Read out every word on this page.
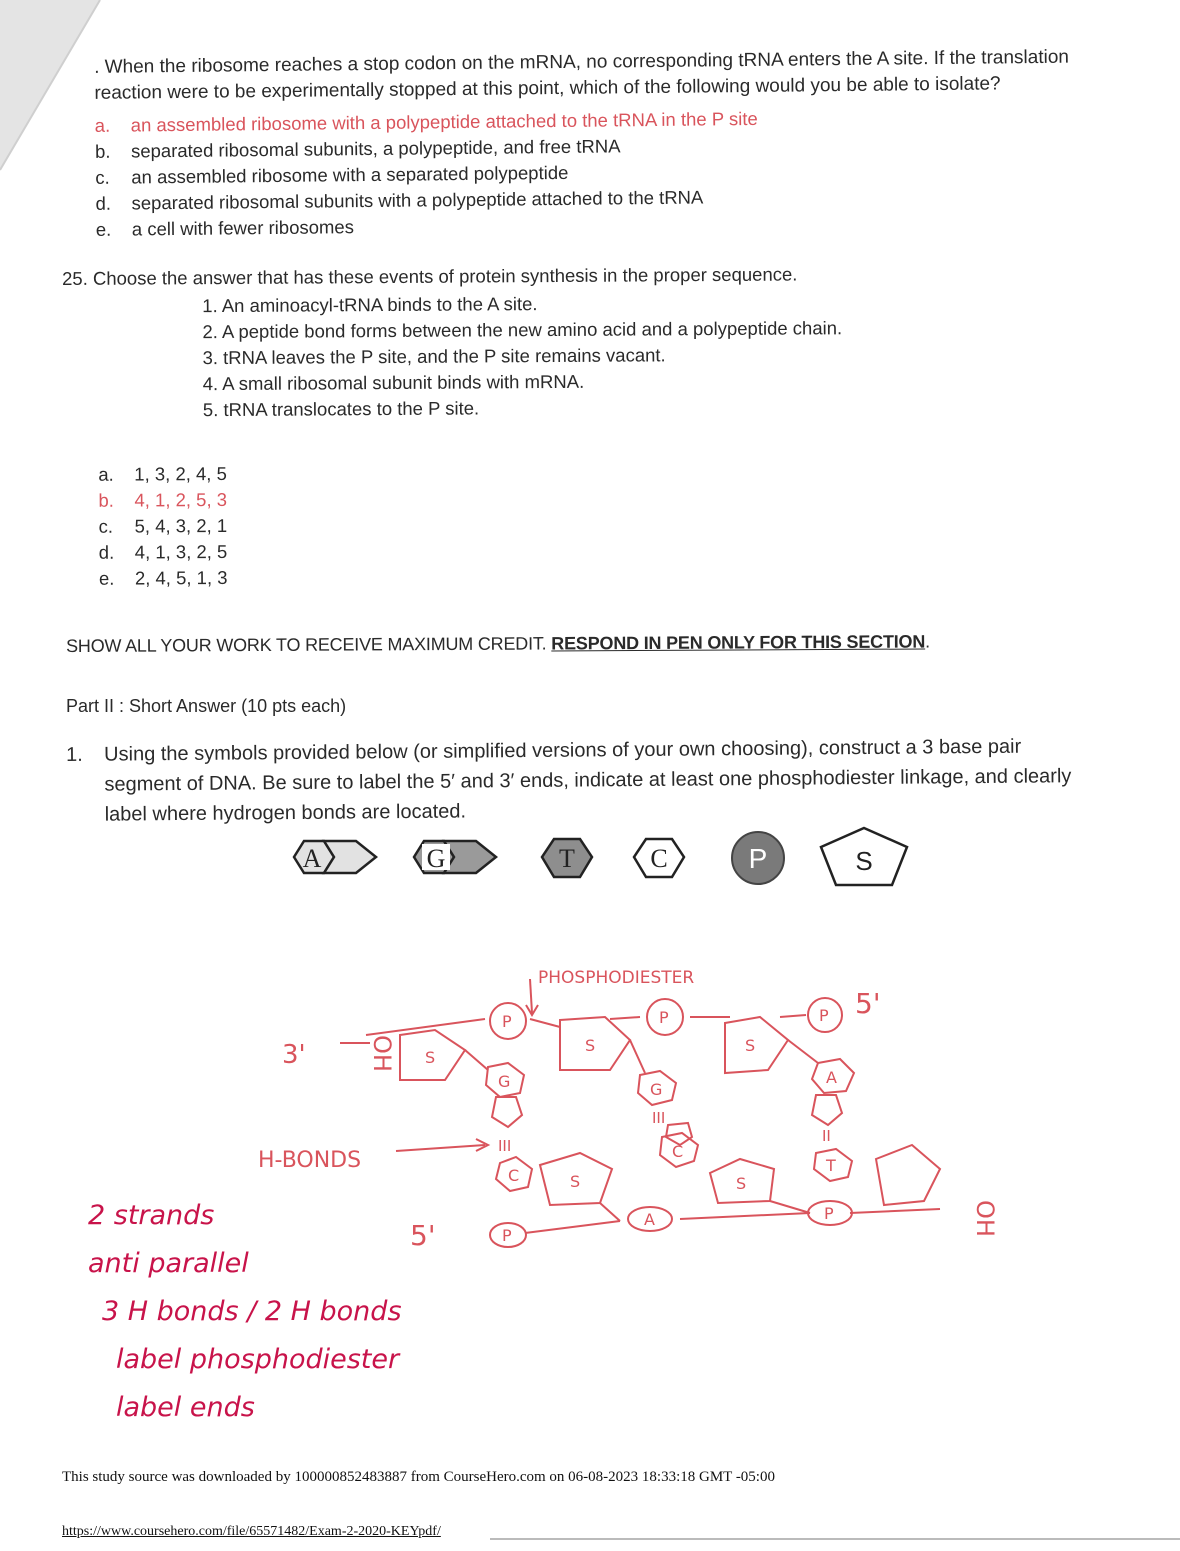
. When the ribosome reaches a stop codon on the mRNA, no corresponding tRNA enters the A site. If the translation reaction were to be experimentally stopped at this point, which of the following would you be able to isolate?
a.	an assembled ribosome with a polypeptide attached to the tRNA in the P site
b.	separated ribosomal subunits, a polypeptide, and free tRNA
c.	an assembled ribosome with a separated polypeptide
d.	separated ribosomal subunits with a polypeptide attached to the tRNA
e.	a cell with fewer ribosomes
25. Choose the answer that has these events of protein synthesis in the proper sequence.
1. An aminoacyl-tRNA binds to the A site.
2. A peptide bond forms between the new amino acid and a polypeptide chain.
3. tRNA leaves the P site, and the P site remains vacant.
4. A small ribosomal subunit binds with mRNA.
5. tRNA translocates to the P site.
a.	1, 3, 2, 4, 5
b.	4, 1, 2, 5, 3
c.	5, 4, 3, 2, 1
d.	4, 1, 3, 2, 5
e.	2, 4, 5, 1, 3
SHOW ALL YOUR WORK TO RECEIVE MAXIMUM CREDIT. RESPOND IN PEN ONLY FOR THIS SECTION.
Part II : Short Answer (10 pts each)
1. Using the symbols provided below (or simplified versions of your own choosing), construct a 3 base pair segment of DNA. Be sure to label the 5′ and 3′ ends, indicate at least one phosphodiester linkage, and clearly label where hydrogen bonds are located.
A	G	T	C	P	S
PHOSPHODIESTER
3'	OH
5'
H-BONDS
5'	OH
S
S	S
S	S
P	P	P
P
A	P
G	G
A
C
C
T
III
III
II
2 strands
anti parallel
3 H bonds / 2 H bonds
label phosphodiester
label ends
This study source was downloaded by 100000852483887 from CourseHero.com on 06-08-2023 18:33:18 GMT -05:00
https://www.coursehero.com/file/65571482/Exam-2-2020-KEYpdf/
